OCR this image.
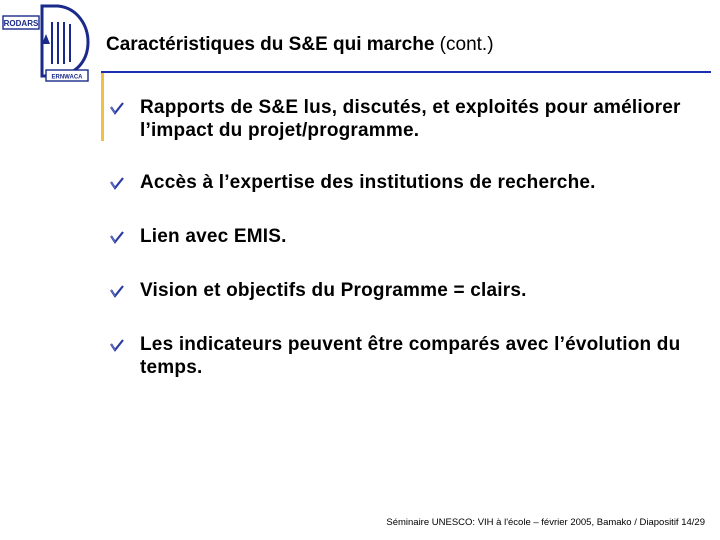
RODARS
ERNWACA
Caractéristiques du S&E qui marche (cont.)
Rapports de S&E lus, discutés, et exploités pour améliorer l’impact du projet/programme.
Accès à l’expertise des institutions de recherche.
Lien avec EMIS.
Vision et objectifs du Programme = clairs.
Les indicateurs peuvent être comparés avec l’évolution du temps.
Séminaire UNESCO: VIH à l'école – février 2005, Bamako / Diapositif 14/29
